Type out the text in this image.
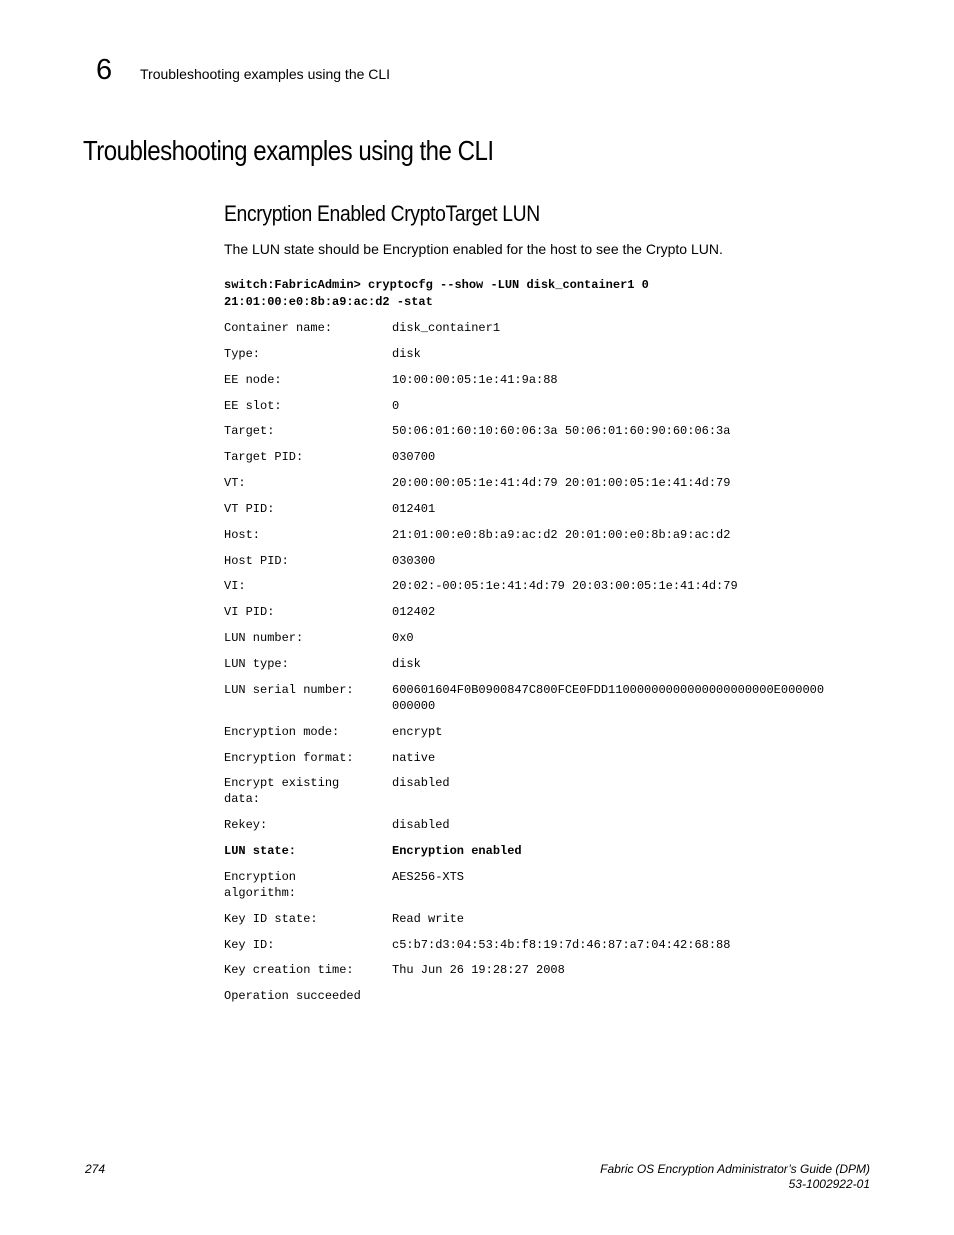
6 Troubleshooting examples using the CLI
Troubleshooting examples using the CLI
Encryption Enabled CryptoTarget LUN

The LUN state should be Encryption enabled for the host to see the Crypto LUN.

switch:FabricAdmin> cryptocfg --show -LUN disk_container1 0
21:01:00:e0:8b:a9:ac:d2 -stat
Container name:	disk_container1
Type:	disk
EE node:	10:00:00:05:1e:41:9a:88
EE slot:	0
Target:	50:06:01:60:10:60:06:3a 50:06:01:60:90:60:06:3a
Target PID:	030700
VT:	20:00:00:05:1e:41:4d:79 20:01:00:05:1e:41:4d:79
VT PID:	012401
Host:	21:01:00:e0:8b:a9:ac:d2 20:01:00:e0:8b:a9:ac:d2
Host PID:	030300
VI:	20:02:-00:05:1e:41:4d:79 20:03:00:05:1e:41:4d:79
VI PID:	012402
LUN number:	0x0
LUN type:	disk
LUN serial number:	600601604F0B0900847C800FCE0FDD11000000000000000000000E000000
000000

Encryption mode:	encrypt
Encryption format:	native

Encrypt existing
data:	disabled
Rekey:	disabled
LUN state:	Encryption enabled

Encryption
algorithm:	AES256-XTS
Key ID state:	Read write
Key ID:	c5:b7:d3:04:53:4b:f8:19:7d:46:87:a7:04:42:68:88
Key creation time:	Thu Jun 26 19:28:27 2008
Operation succeeded	
274	Fabric OS Encryption Administrator’s Guide (DPM)
53-1002922-01
